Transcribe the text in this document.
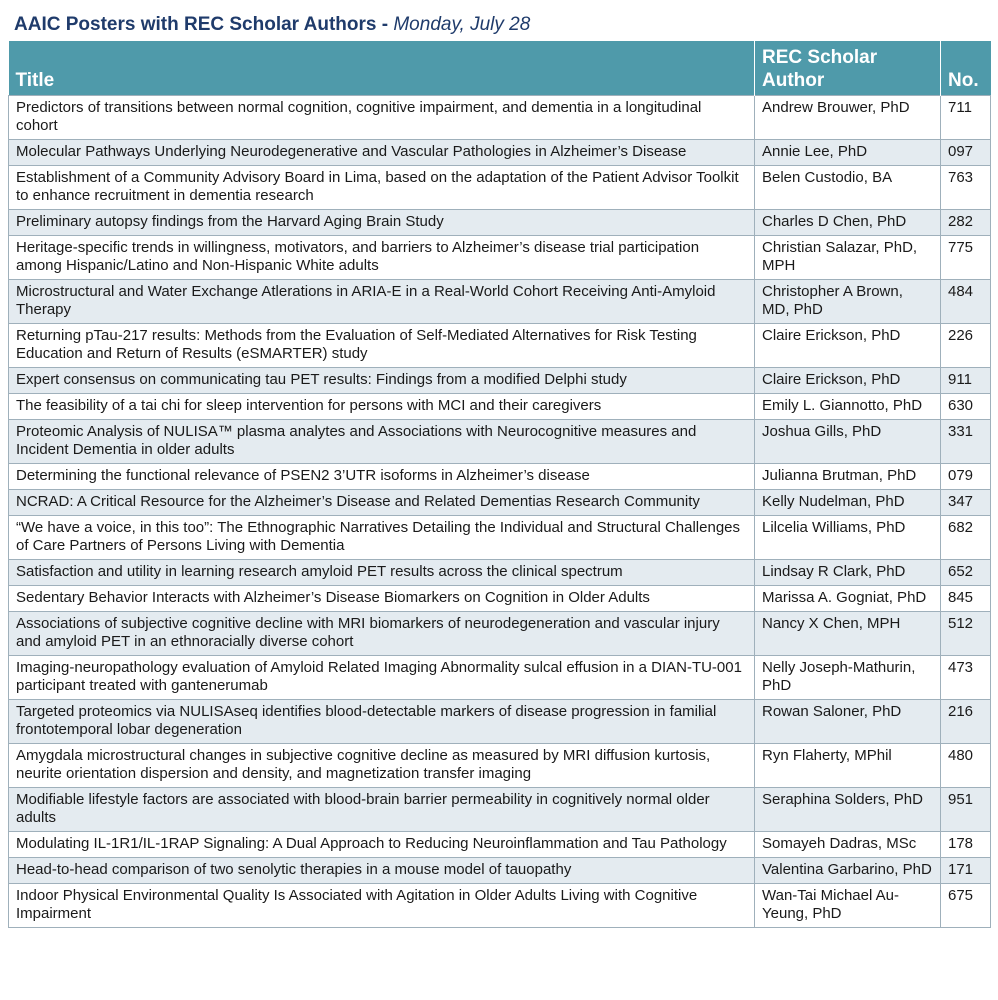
AAIC Posters with REC Scholar Authors - Monday, July 28
Title	REC Scholar Author	No.
Predictors of transitions between normal cognition, cognitive impairment, and dementia in a longitudinal cohort	Andrew Brouwer, PhD	711
Molecular Pathways Underlying Neurodegenerative and Vascular Pathologies in Alzheimer’s Disease	Annie Lee, PhD	097
Establishment of a Community Advisory Board in Lima, based on the adaptation of the Patient Advisor Toolkit to enhance recruitment in dementia research	Belen Custodio, BA	763
Preliminary autopsy findings from the Harvard Aging Brain Study	Charles D Chen, PhD	282
Heritage-specific trends in willingness, motivators, and barriers to Alzheimer’s disease trial participation among Hispanic/Latino and Non-Hispanic White adults	Christian Salazar, PhD, MPH	775
Microstructural and Water Exchange Atlerations in ARIA-E in a Real-World Cohort Receiving Anti-Amyloid Therapy	Christopher A Brown, MD, PhD	484
Returning pTau-217 results: Methods from the Evaluation of Self-Mediated Alternatives for Risk Testing Education and Return of Results (eSMARTER) study	Claire Erickson, PhD	226
Expert consensus on communicating tau PET results: Findings from a modified Delphi study	Claire Erickson, PhD	911
The feasibility of a tai chi for sleep intervention for persons with MCI and their caregivers	Emily L. Giannotto, PhD	630
Proteomic Analysis of NULISA™ plasma analytes and Associations with Neurocognitive measures and Incident Dementia in older adults	Joshua Gills, PhD	331
Determining the functional relevance of PSEN2 3’UTR isoforms in Alzheimer’s disease	Julianna Brutman, PhD	079
NCRAD: A Critical Resource for the Alzheimer’s Disease and Related Dementias Research Community	Kelly Nudelman, PhD	347
“We have a voice, in this too”: The Ethnographic Narratives Detailing the Individual and Structural Challenges of Care Partners of Persons Living with Dementia	Lilcelia Williams, PhD	682
Satisfaction and utility in learning research amyloid PET results across the clinical spectrum	Lindsay R Clark, PhD	652
Sedentary Behavior Interacts with Alzheimer’s Disease Biomarkers on Cognition in Older Adults	Marissa A. Gogniat, PhD	845
Associations of subjective cognitive decline with MRI biomarkers of neurodegeneration and vascular injury and amyloid PET in an ethnoracially diverse cohort	Nancy X Chen, MPH	512
Imaging-neuropathology evaluation of Amyloid Related Imaging Abnormality sulcal effusion in a DIAN-TU-001 participant treated with gantenerumab	Nelly Joseph-Mathurin, PhD	473
Targeted proteomics via NULISAseq identifies blood-detectable markers of disease progression in familial frontotemporal lobar degeneration	Rowan Saloner, PhD	216
Amygdala microstructural changes in subjective cognitive decline as measured by MRI diffusion kurtosis, neurite orientation dispersion and density, and magnetization transfer imaging	Ryn Flaherty, MPhil	480
Modifiable lifestyle factors are associated with blood-brain barrier permeability in cognitively normal older adults	Seraphina Solders, PhD	951
Modulating IL-1R1/IL-1RAP Signaling: A Dual Approach to Reducing Neuroinflammation and Tau Pathology	Somayeh Dadras, MSc	178
Head-to-head comparison of two senolytic therapies in a mouse model of tauopathy	Valentina Garbarino, PhD	171
Indoor Physical Environmental Quality Is Associated with Agitation in Older Adults Living with Cognitive Impairment	Wan-Tai Michael Au-Yeung, PhD	675
